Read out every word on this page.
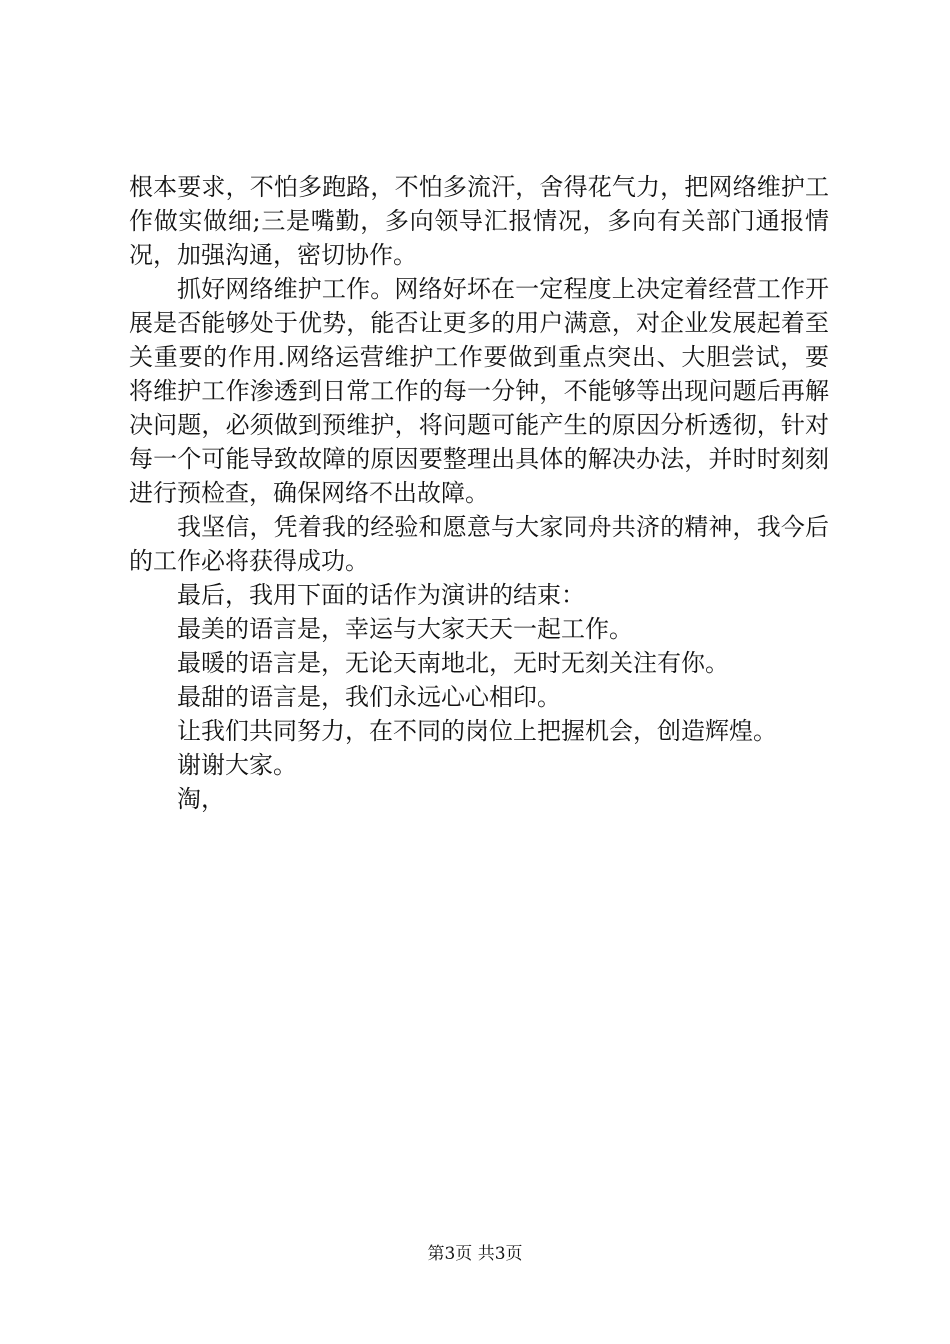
根本要求，不怕多跑路，不怕多流汗，舍得花气力，把网络维护工作做实做细;三是嘴勤，多向领导汇报情况，多向有关部门通报情况，加强沟通，密切协作。

抓好网络维护工作。网络好坏在一定程度上决定着经营工作开展是否能够处于优势，能否让更多的用户满意，对企业发展起着至关重要的作用.网络运营维护工作要做到重点突出、大胆尝试，要将维护工作渗透到日常工作的每一分钟，不能够等出现问题后再解决问题，必须做到预维护，将问题可能产生的原因分析透彻，针对每一个可能导致故障的原因要整理出具体的解决办法，并时时刻刻进行预检查，确保网络不出故障。

我坚信，凭着我的经验和愿意与大家同舟共济的精神，我今后的工作必将获得成功。

最后，我用下面的话作为演讲的结束：

最美的语言是，幸运与大家天天一起工作。

最暖的语言是，无论天南地北，无时无刻关注有你。

最甜的语言是，我们永远心心相印。

让我们共同努力，在不同的岗位上把握机会，创造辉煌。

谢谢大家。

淘，

第3页 共3页
